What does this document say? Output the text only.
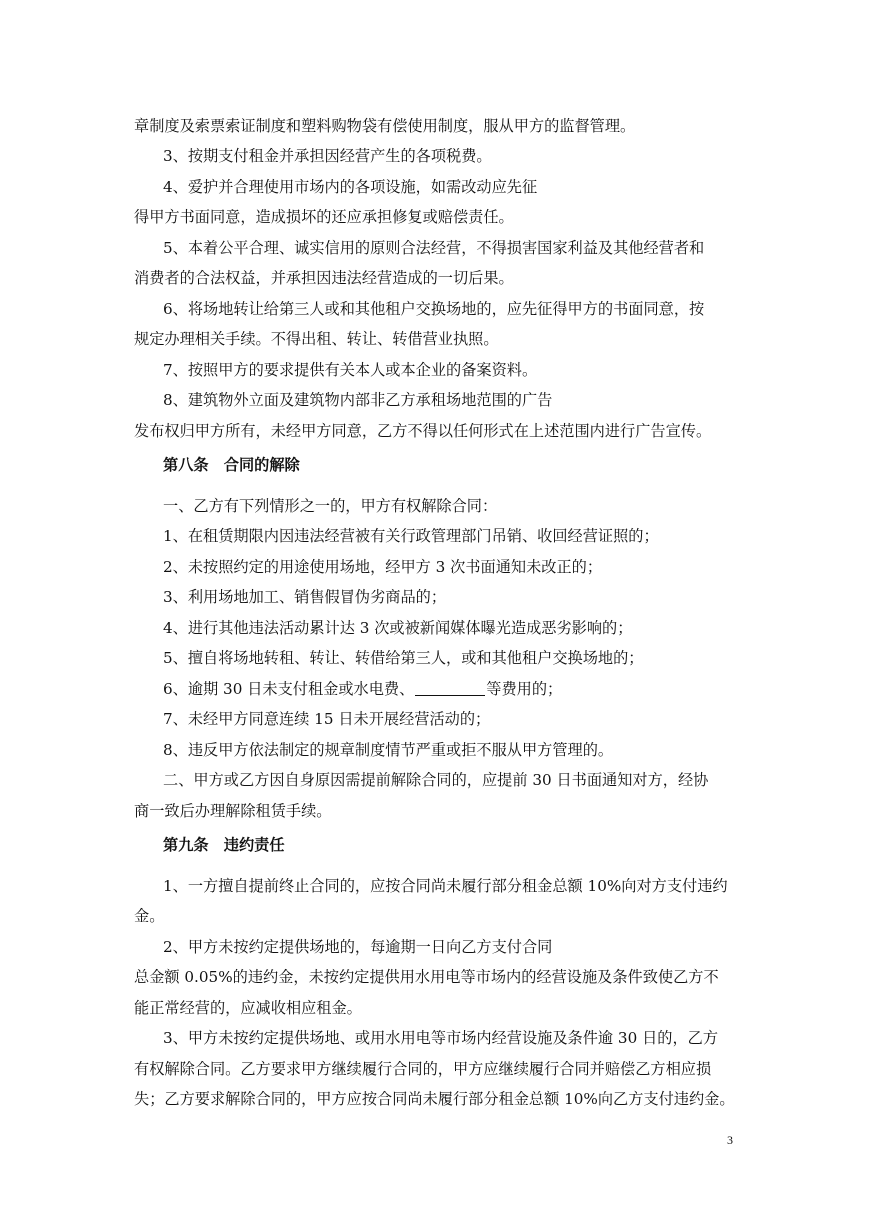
章制度及索票索证制度和塑料购物袋有偿使用制度，服从甲方的监督管理。
3、按期支付租金并承担因经营产生的各项税费。
4、爱护并合理使用市场内的各项设施，如需改动应先征
得甲方书面同意，造成损坏的还应承担修复或赔偿责任。
5、本着公平合理、诚实信用的原则合法经营，不得损害国家利益及其他经营者和
消费者的合法权益，并承担因违法经营造成的一切后果。
6、将场地转让给第三人或和其他租户交换场地的，应先征得甲方的书面同意，按
规定办理相关手续。不得出租、转让、转借营业执照。
7、按照甲方的要求提供有关本人或本企业的备案资料。
8、建筑物外立面及建筑物内部非乙方承租场地范围的广告
发布权归甲方所有，未经甲方同意，乙方不得以任何形式在上述范围内进行广告宣传。
第八条　合同的解除
一、乙方有下列情形之一的，甲方有权解除合同：
1、在租赁期限内因违法经营被有关行政管理部门吊销、收回经营证照的；
2、未按照约定的用途使用场地，经甲方 3 次书面通知未改正的；
3、利用场地加工、销售假冒伪劣商品的；
4、进行其他违法活动累计达 3 次或被新闻媒体曝光造成恶劣影响的；
5、擅自将场地转租、转让、转借给第三人，或和其他租户交换场地的；
6、逾期 30 日未支付租金或水电费、	等费用的；
7、未经甲方同意连续 15 日未开展经营活动的；
8、违反甲方依法制定的规章制度情节严重或拒不服从甲方管理的。
二、甲方或乙方因自身原因需提前解除合同的，应提前 30 日书面通知对方，经协
商一致后办理解除租赁手续。
第九条　违约责任
1、一方擅自提前终止合同的，应按合同尚未履行部分租金总额 10%向对方支付违约
金。
2、甲方未按约定提供场地的，每逾期一日向乙方支付合同
总金额 0.05%的违约金，未按约定提供用水用电等市场内的经营设施及条件致使乙方不
能正常经营的，应减收相应租金。
3、甲方未按约定提供场地、或用水用电等市场内经营设施及条件逾 30 日的，乙方
有权解除合同。乙方要求甲方继续履行合同的，甲方应继续履行合同并赔偿乙方相应损
失；乙方要求解除合同的，甲方应按合同尚未履行部分租金总额 10%向乙方支付违约金。
3
